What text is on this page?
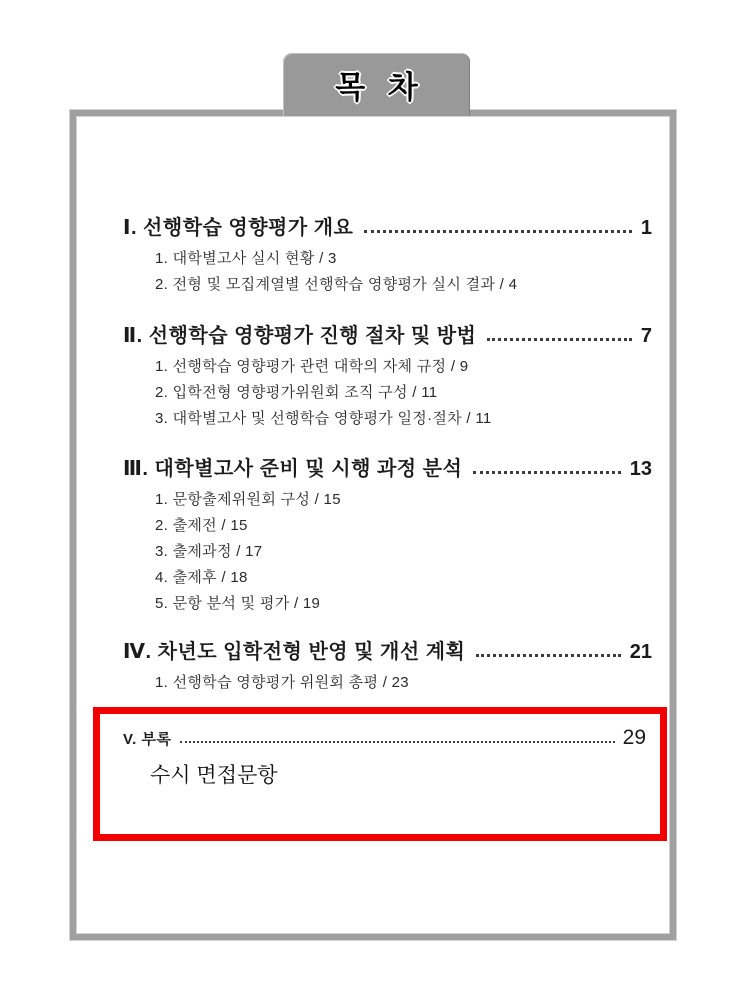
목 차
Ⅰ. 선행학습 영향평가 개요	1
1. 대학별고사 실시 현황 / 3
2. 전형 및 모집계열별 선행학습 영향평가 실시 결과 / 4
Ⅱ. 선행학습 영향평가 진행 절차 및 방법	7
1. 선행학습 영향평가 관련 대학의 자체 규정 / 9
2. 입학전형 영향평가위원회 조직 구성 / 11
3. 대학별고사 및 선행학습 영향평가 일정·절차 / 11
Ⅲ. 대학별고사 준비 및 시행 과정 분석	13
1. 문항출제위원회 구성 / 15
2. 출제전 / 15
3. 출제과정 / 17
4. 출제후 / 18
5. 문항 분석 및 평가 / 19
Ⅳ. 차년도 입학전형 반영 및 개선 계획	21
1. 선행학습 영향평가 위원회 총평 / 23
V. 부록	29
수시 면접문항
